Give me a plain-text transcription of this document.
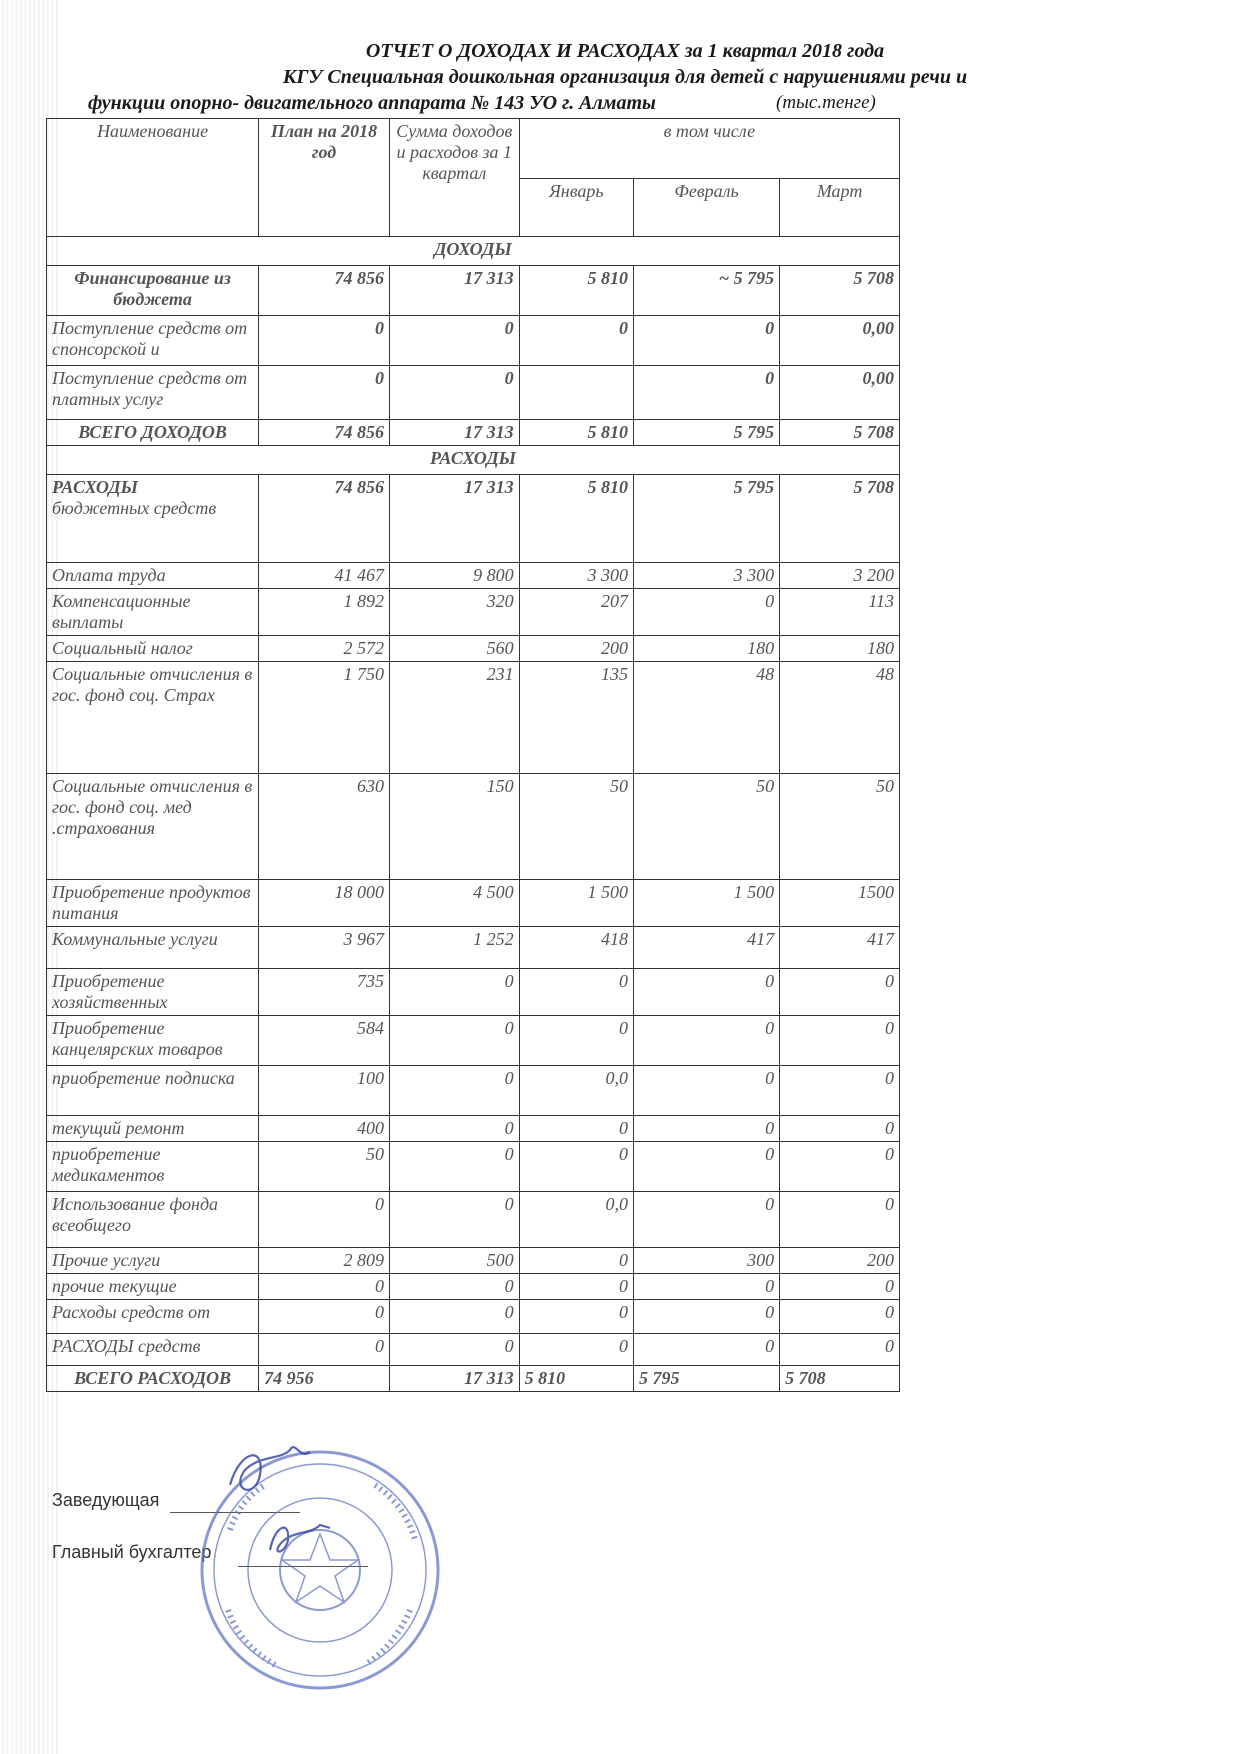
ОТЧЕТ О ДОХОДАХ И РАСХОДАХ за 1 квартал 2018 года
КГУ Специальная дошкольная организация для детей с нарушениями речи и
функции опорно- двигательного аппарата № 143 УО г. Алматы	(тыс.тенге)
Наименование	План на 2018 год	Сумма доходов и расходов за 1 квартал	в том числе		
			Январь	Февраль	Март
ДОХОДЫ					
Финансирование из бюджета	74 856	17 313	5 810	~ 5 795	5 708
Поступление средств от спонсорской и	0	0	0	0	0,00
Поступление средств от платных услуг	0	0		0	0,00
ВСЕГО ДОХОДОВ	74 856	17 313	5 810	5 795	5 708
РАСХОДЫ					
РАСХОДЫ
бюджетных средств	74 856	17 313	5 810	5 795	5 708
Оплата труда	41 467	9 800	3 300	3 300	3 200
Компенсационные выплаты	1 892	320	207	0	113
Социальный налог	2 572	560	200	180	180
Социальные отчисления в гос. фонд соц. Страх	1 750	231	135	48	48
Социальные отчисления в гос. фонд соц. мед .страхования	630	150	50	50	50
Приобретение продуктов питания	18 000	4 500	1 500	1 500	1500
Коммунальные услуги	3 967	1 252	418	417	417
Приобретение хозяйственных	735	0	0	0	0
Приобретение канцелярских товаров	584	0	0	0	0
приобретение подписка	100	0	0,0	0	0
текущий ремонт	400	0	0	0	0
приобретение медикаментов	50	0	0	0	0
Использование фонда всеобщего	0	0	0,0	0	0
Прочие услуги	2 809	500	0	300	200
прочие текущие	0	0	0	0	0
Расходы средств от	0	0	0	0	0
РАСХОДЫ средств	0	0	0	0	0
ВСЕГО РАСХОДОВ	74 956	17 313	5 810	5 795	5 708
Заведующая
Главный бухгалтер
